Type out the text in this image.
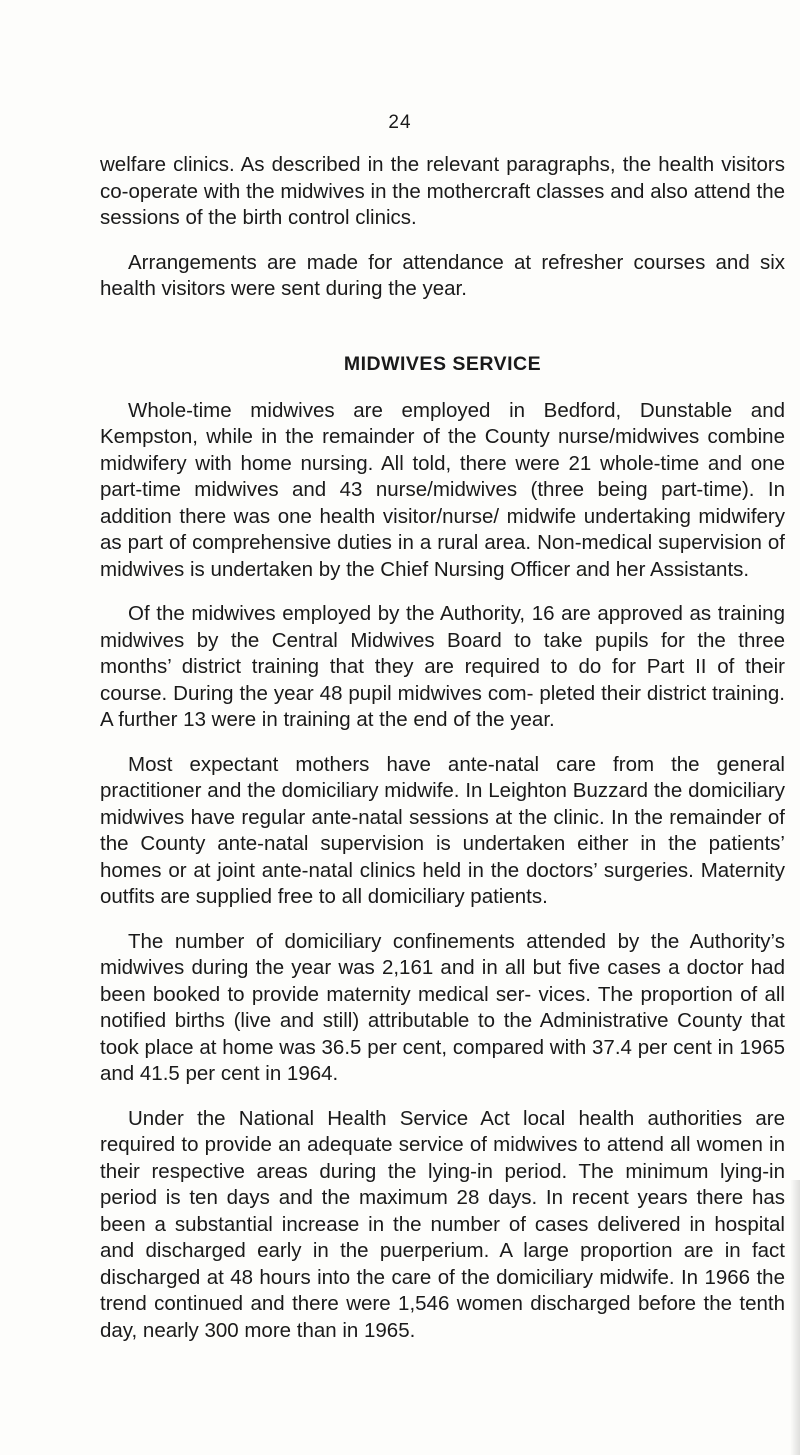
24

welfare clinics. As described in the relevant paragraphs, the health visitors co-operate with the midwives in the mothercraft classes and also attend the sessions of the birth control clinics.

Arrangements are made for attendance at refresher courses and six health visitors were sent during the year.

MIDWIVES SERVICE

Whole-time midwives are employed in Bedford, Dunstable and Kempston, while in the remainder of the County nurse/midwives combine midwifery with home nursing. All told, there were 21 whole-time and one part-time midwives and 43 nurse/midwives (three being part-time). In addition there was one health visitor/nurse/ midwife undertaking midwifery as part of comprehensive duties in a rural area. Non-medical supervision of midwives is undertaken by the Chief Nursing Officer and her Assistants.

Of the midwives employed by the Authority, 16 are approved as training midwives by the Central Midwives Board to take pupils for the three months’ district training that they are required to do for Part II of their course. During the year 48 pupil midwives com- pleted their district training. A further 13 were in training at the end of the year.

Most expectant mothers have ante-natal care from the general practitioner and the domiciliary midwife. In Leighton Buzzard the domiciliary midwives have regular ante-natal sessions at the clinic. In the remainder of the County ante-natal supervision is undertaken either in the patients’ homes or at joint ante-natal clinics held in the doctors’ surgeries. Maternity outfits are supplied free to all domiciliary patients.

The number of domiciliary confinements attended by the Authority’s midwives during the year was 2,161 and in all but five cases a doctor had been booked to provide maternity medical ser- vices. The proportion of all notified births (live and still) attributable to the Administrative County that took place at home was 36.5 per cent, compared with 37.4 per cent in 1965 and 41.5 per cent in 1964.

Under the National Health Service Act local health authorities are required to provide an adequate service of midwives to attend all women in their respective areas during the lying-in period. The minimum lying-in period is ten days and the maximum 28 days. In recent years there has been a substantial increase in the number of cases delivered in hospital and discharged early in the puerperium. A large proportion are in fact discharged at 48 hours into the care of the domiciliary midwife. In 1966 the trend continued and there were 1,546 women discharged before the tenth day, nearly 300 more than in 1965.
